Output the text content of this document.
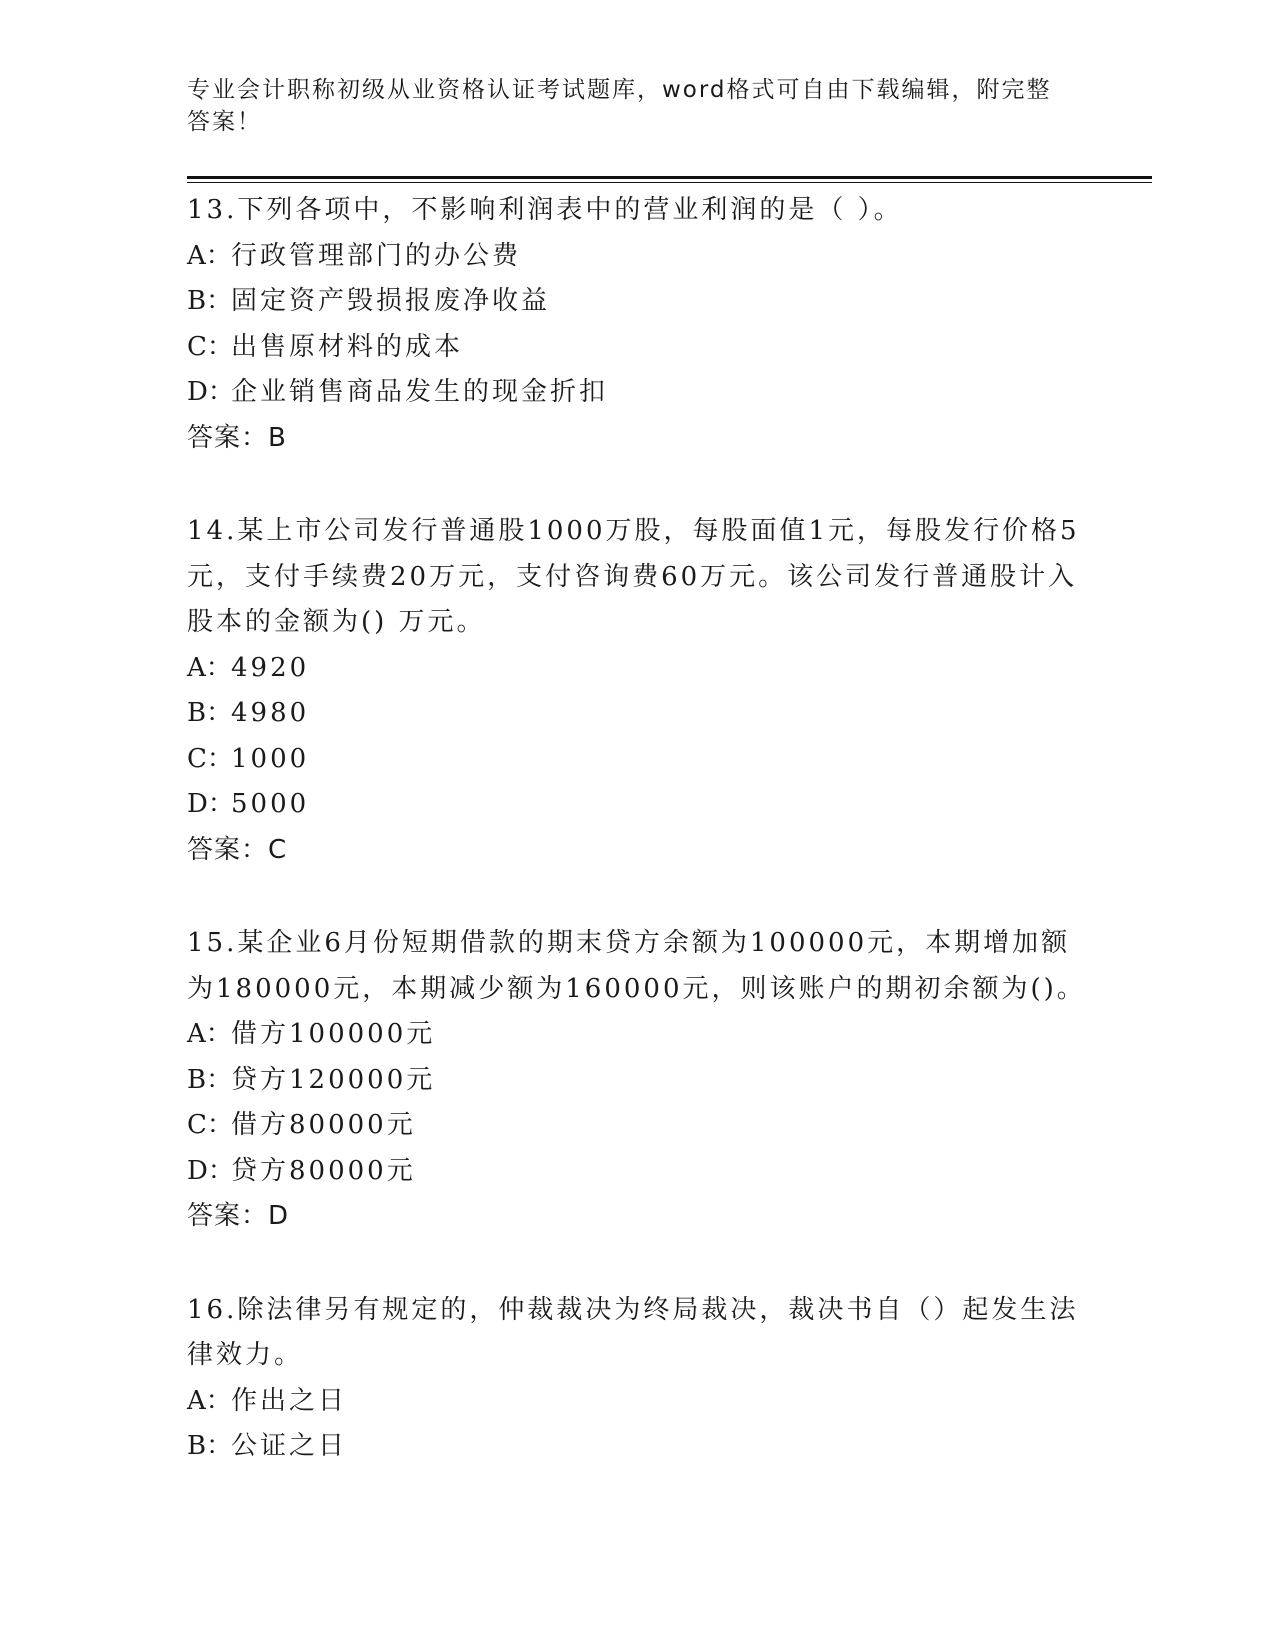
专业会计职称初级从业资格认证考试题库，word格式可自由下载编辑，附完整答案！

13.下列各项中，不影响利润表中的营业利润的是（ ）。

A：行政管理部门的办公费

B：固定资产毁损报废净收益

C：出售原材料的成本

D：企业销售商品发生的现金折扣

答案：B

14.某上市公司发行普通股1000万股，每股面值1元，每股发行价格5元，支付手续费20万元，支付咨询费60万元。该公司发行普通股计入股本的金额为() 万元。

A：4920

B：4980

C：1000

D：5000

答案：C

15.某企业6月份短期借款的期末贷方余额为100000元，本期增加额为180000元，本期减少额为160000元，则该账户的期初余额为()。

A：借方100000元

B：贷方120000元

C：借方80000元

D：贷方80000元

答案：D

16.除法律另有规定的，仲裁裁决为终局裁决，裁决书自（）起发生法律效力。

A：作出之日

B：公证之日
